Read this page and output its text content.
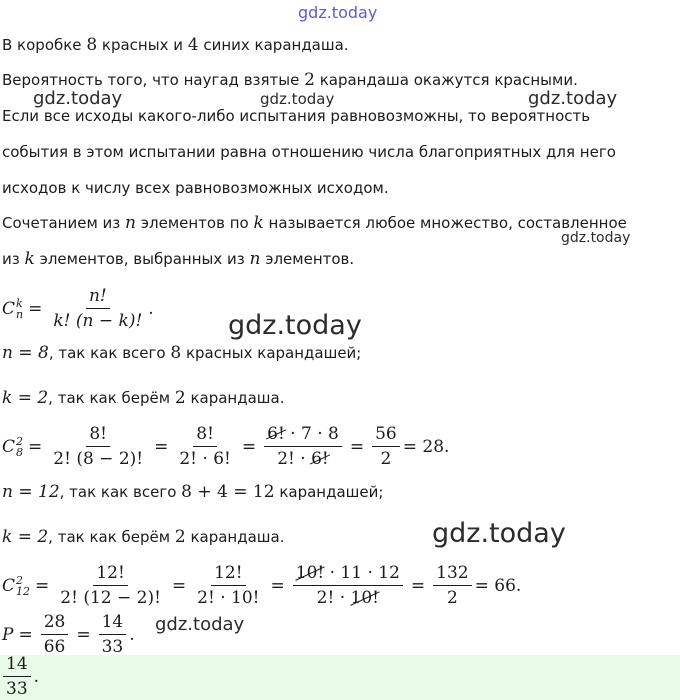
gdz.today
gdz.today	gdz.today	gdz.today
gdz.today
gdz.today
gdz.today
gdz.today
В коробке 8 красных и 4 синих карандаша.
Вероятность того, что наугад взятые 2 карандаша окажутся красными.
Если все исходы какого-либо испытания равновозможны, то вероятность
события в этом испытании равна отношению числа благоприятных для него
исходов к числу всех равновозможных исходом.
Сочетанием из n элементов по k называется любое множество, составленное
из k элементов, выбранных из n элементов.
C k
$n = \frac{n!}{k! (n - k)!}$ .
n = 8, так как всего 8 красных карандашей;
k = 2, так как берём 2 карандаша.
C 2
$8 = \frac{8!}{2! (8 - 2)!} = \frac{8!}{2! \cdot 6!} = \frac{6! \cdot 7 \cdot 8}{2! \cdot 6!} = \frac{56}{2} = 28$.
n = 12, так как всего 8 + 4 = 12 карандашей;
k = 2, так как берём 2 карандаша.
C 2
$12 = \frac{12!}{2! (12 - 2)!} = \frac{12!}{2! \cdot 10!} = \frac{10! \cdot 11 \cdot 12}{2! \cdot 10!} = \frac{132}{2} = 66$.
$P = \frac{28}{66} = \frac{14}{33}$ .
$\frac{14}{33}$ .
